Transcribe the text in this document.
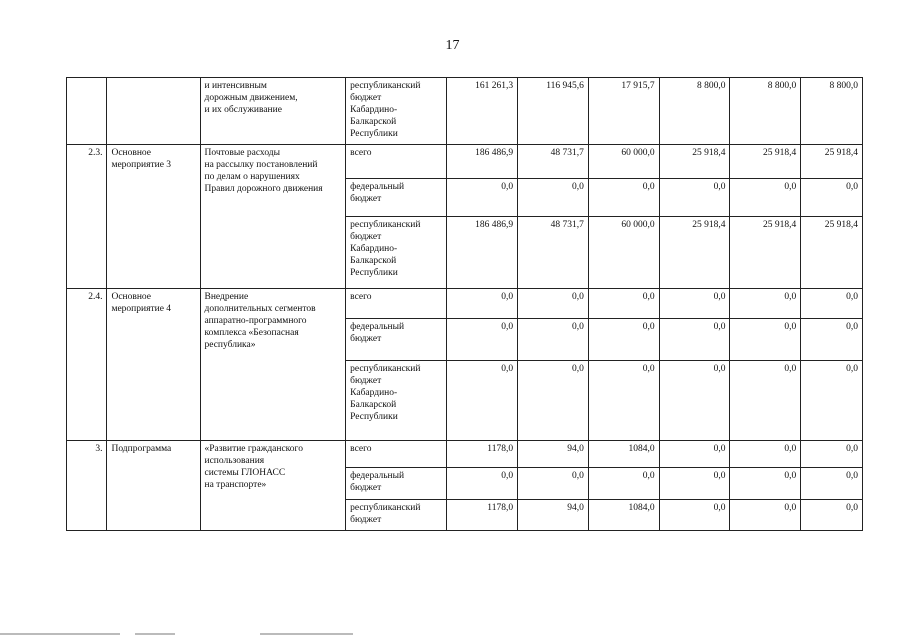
17
		и интенсивным
дорожным движением,
и их обслуживание	республиканский
бюджет
Кабардино-
Балкарской
Республики	161 261,3	116 945,6	17 915,7	8 800,0	8 800,0	8 800,0
2.3.	Основное
мероприятие 3	Почтовые расходы
на рассылку постановлений
по делам о нарушениях
Правил дорожного движения	всего	186 486,9	48 731,7	60 000,0	25 918,4	25 918,4	25 918,4
			федеральный
бюджет	0,0	0,0	0,0	0,0	0,0	0,0
			республиканский
бюджет
Кабардино-
Балкарской
Республики	186 486,9	48 731,7	60 000,0	25 918,4	25 918,4	25 918,4
2.4.	Основное
мероприятие 4	Внедрение
дополнительных сегментов
аппаратно-программного
комплекса «Безопасная
республика»	всего	0,0	0,0	0,0	0,0	0,0	0,0
			федеральный
бюджет	0,0	0,0	0,0	0,0	0,0	0,0
			республиканский
бюджет
Кабардино-
Балкарской
Республики	0,0	0,0	0,0	0,0	0,0	0,0
3.	Подпрограмма	«Развитие гражданского
использования
системы ГЛОНАСС
на транспорте»	всего	1178,0	94,0	1084,0	0,0	0,0	0,0
			федеральный
бюджет	0,0	0,0	0,0	0,0	0,0	0,0
			республиканский
бюджет	1178,0	94,0	1084,0	0,0	0,0	0,0
